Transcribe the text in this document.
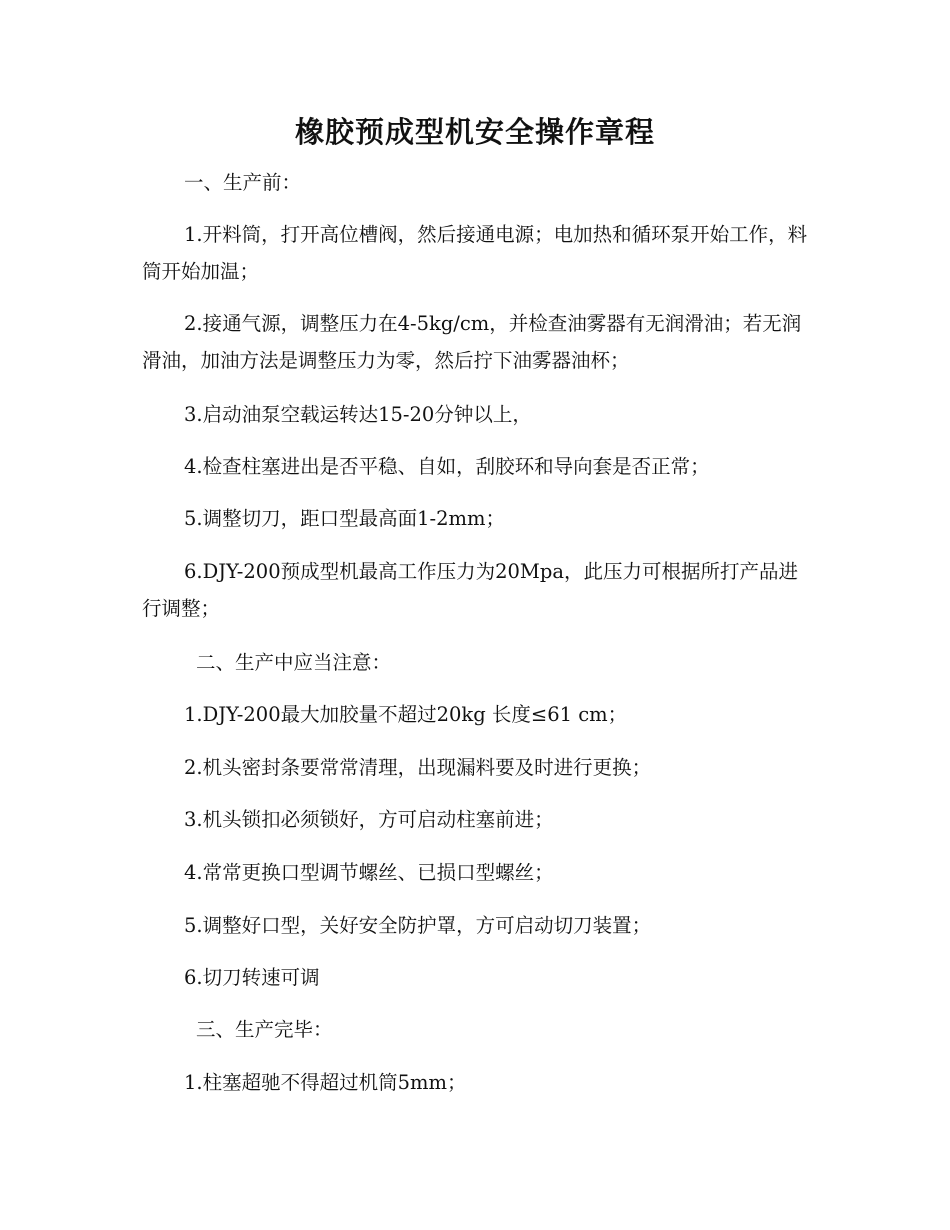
橡胶预成型机安全操作章程
一、生产前：
1.开料筒，打开高位槽阀，然后接通电源；电加热和循环泵开始工作，料筒开始加温；
2.接通气源，调整压力在4-5kg/cm，并检查油雾器有无润滑油；若无润滑油，加油方法是调整压力为零，然后拧下油雾器油杯；
3.启动油泵空载运转达15-20分钟以上，
4.检查柱塞进出是否平稳、自如，刮胶环和导向套是否正常；
5.调整切刀，距口型最高面1-2mm；
6.DJY-200预成型机最高工作压力为20Mpa，此压力可根据所打产品进行调整；
二、生产中应当注意：
1.DJY-200最大加胶量不超过20kg 长度≤61 cm；
2.机头密封条要常常清理，出现漏料要及时进行更换；
3.机头锁扣必须锁好，方可启动柱塞前进；
4.常常更换口型调节螺丝、已损口型螺丝；
5.调整好口型，关好安全防护罩，方可启动切刀装置；
6.切刀转速可调
三、生产完毕：
1.柱塞超驰不得超过机筒5mm；
